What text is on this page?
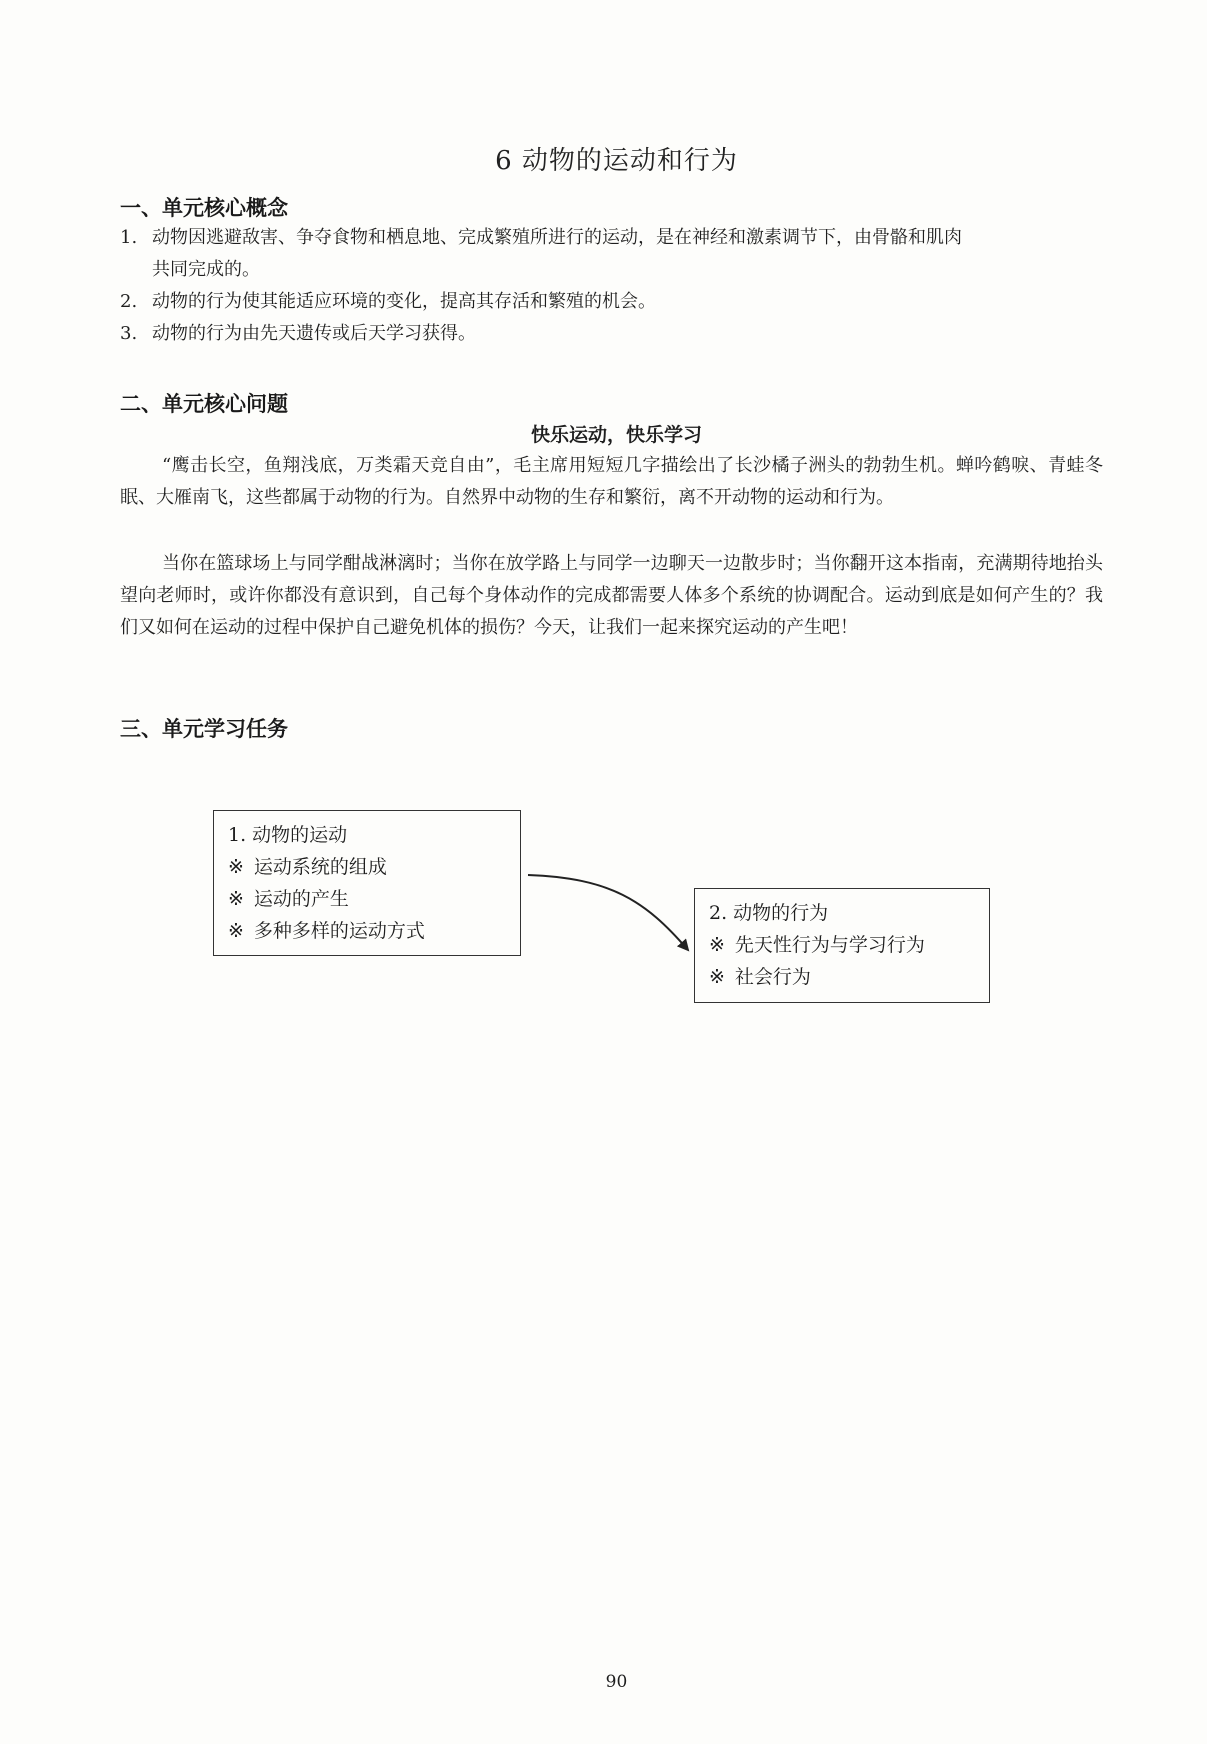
6 动物的运动和行为
一、单元核心概念
1. 动物因逃避敌害、争夺食物和栖息地、完成繁殖所进行的运动，是在神经和激素调节下，由骨骼和肌肉
共同完成的。
2. 动物的行为使其能适应环境的变化，提高其存活和繁殖的机会。
3. 动物的行为由先天遗传或后天学习获得。
二、单元核心问题
快乐运动，快乐学习
“鹰击长空，鱼翔浅底，万类霜天竞自由”，毛主席用短短几字描绘出了长沙橘子洲头的勃勃生机。蝉吟鹤唳、青蛙冬眠、大雁南飞，这些都属于动物的行为。自然界中动物的生存和繁衍，离不开动物的运动和行为。
当你在篮球场上与同学酣战淋漓时；当你在放学路上与同学一边聊天一边散步时；当你翻开这本指南，充满期待地抬头望向老师时，或许你都没有意识到，自己每个身体动作的完成都需要人体多个系统的协调配合。运动到底是如何产生的？我们又如何在运动的过程中保护自己避免机体的损伤？今天，让我们一起来探究运动的产生吧！
三、单元学习任务
1. 动物的运动
※ 运动系统的组成
※ 运动的产生
※ 多种多样的运动方式
2. 动物的行为
※ 先天性行为与学习行为
※ 社会行为
90
